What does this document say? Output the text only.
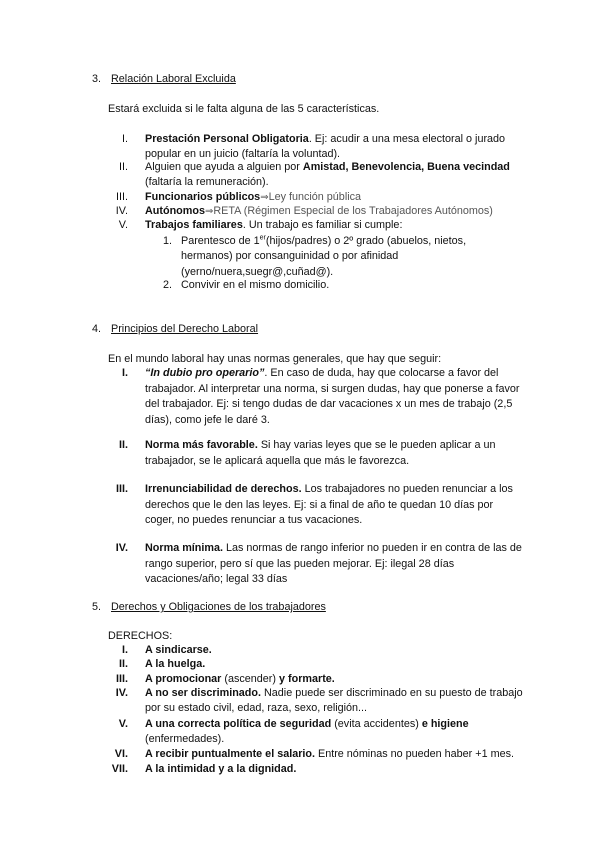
3. Relación Laboral Excluida
Estará excluida si le falta alguna de las 5 características.
I. Prestación Personal Obligatoria. Ej: acudir a una mesa electoral o jurado popular en un juicio (faltaría la voluntad).
II. Alguien que ayuda a alguien por Amistad, Benevolencia, Buena vecindad (faltaría la remuneración).
III. Funcionarios públicos⇒Ley función pública
IV. Autónomos⇒RETA (Régimen Especial de los Trabajadores Autónomos)
V. Trabajos familiares. Un trabajo es familiar si cumple:
1. Parentesco de 1er(hijos/padres) o 2º grado (abuelos, nietos, hermanos) por consanguinidad o por afinidad (yerno/nuera,suegr@,cuñad@).
2. Convivir en el mismo domicilio.
4. Principios del Derecho Laboral
En el mundo laboral hay unas normas generales, que hay que seguir:
I. “In dubio pro operario”. En caso de duda, hay que colocarse a favor del trabajador. Al interpretar una norma, si surgen dudas, hay que ponerse a favor del trabajador. Ej: si tengo dudas de dar vacaciones x un mes de trabajo (2,5 días), como jefe le daré 3.
II. Norma más favorable. Si hay varias leyes que se le pueden aplicar a un trabajador, se le aplicará aquella que más le favorezca.
III. Irrenunciabilidad de derechos. Los trabajadores no pueden renunciar a los derechos que le den las leyes. Ej: si a final de año te quedan 10 días por coger, no puedes renunciar a tus vacaciones.
IV. Norma mínima. Las normas de rango inferior no pueden ir en contra de las de rango superior, pero sí que las pueden mejorar. Ej: ilegal 28 días vacaciones/año; legal 33 días
5. Derechos y Obligaciones de los trabajadores
DERECHOS:
I. A sindicarse.
II. A la huelga.
III. A promocionar (ascender) y formarte.
IV. A no ser discriminado. Nadie puede ser discriminado en su puesto de trabajo por su estado civil, edad, raza, sexo, religión...
V. A una correcta política de seguridad (evita accidentes) e higiene (enfermedades).
VI. A recibir puntualmente el salario. Entre nóminas no pueden haber +1 mes.
VII. A la intimidad y a la dignidad.
